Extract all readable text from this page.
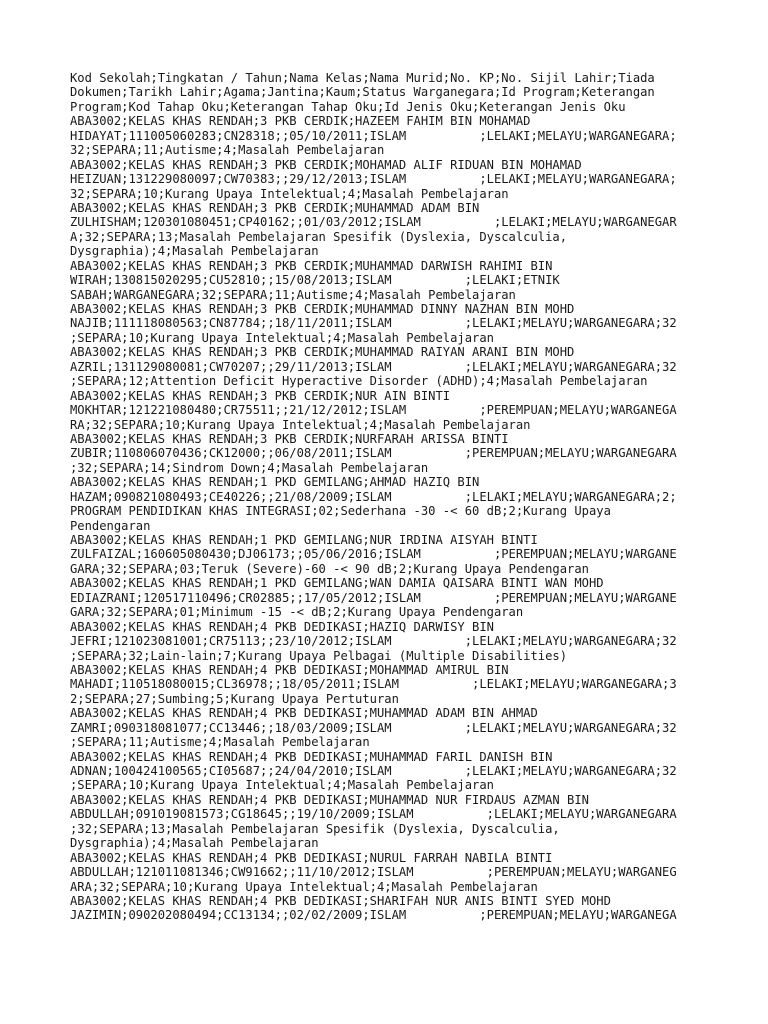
Kod Sekolah;Tingkatan / Tahun;Nama Kelas;Nama Murid;No. KP;No. Sijil Lahir;Tiada
Dokumen;Tarikh Lahir;Agama;Jantina;Kaum;Status Warganegara;Id Program;Keterangan
Program;Kod Tahap Oku;Keterangan Tahap Oku;Id Jenis Oku;Keterangan Jenis Oku
ABA3002;KELAS KHAS RENDAH;3 PKB CERDIK;HAZEEM FAHIM BIN MOHAMAD
HIDAYAT;111005060283;CN28318;;05/10/2011;ISLAM          ;LELAKI;MELAYU;WARGANEGARA;
32;SEPARA;11;Autisme;4;Masalah Pembelajaran
ABA3002;KELAS KHAS RENDAH;3 PKB CERDIK;MOHAMAD ALIF RIDUAN BIN MOHAMAD
HEIZUAN;131229080097;CW70383;;29/12/2013;ISLAM          ;LELAKI;MELAYU;WARGANEGARA;
32;SEPARA;10;Kurang Upaya Intelektual;4;Masalah Pembelajaran
ABA3002;KELAS KHAS RENDAH;3 PKB CERDIK;MUHAMMAD ADAM BIN
ZULHISHAM;120301080451;CP40162;;01/03/2012;ISLAM          ;LELAKI;MELAYU;WARGANEGAR
A;32;SEPARA;13;Masalah Pembelajaran Spesifik (Dyslexia, Dyscalculia,
Dysgraphia);4;Masalah Pembelajaran
ABA3002;KELAS KHAS RENDAH;3 PKB CERDIK;MUHAMMAD DARWISH RAHIMI BIN
WIRAH;130815020295;CU52810;;15/08/2013;ISLAM          ;LELAKI;ETNIK
SABAH;WARGANEGARA;32;SEPARA;11;Autisme;4;Masalah Pembelajaran
ABA3002;KELAS KHAS RENDAH;3 PKB CERDIK;MUHAMMAD DINNY NAZHAN BIN MOHD
NAJIB;111118080563;CN87784;;18/11/2011;ISLAM          ;LELAKI;MELAYU;WARGANEGARA;32
;SEPARA;10;Kurang Upaya Intelektual;4;Masalah Pembelajaran
ABA3002;KELAS KHAS RENDAH;3 PKB CERDIK;MUHAMMAD RAIYAN ARANI BIN MOHD
AZRIL;131129080081;CW70207;;29/11/2013;ISLAM          ;LELAKI;MELAYU;WARGANEGARA;32
;SEPARA;12;Attention Deficit Hyperactive Disorder (ADHD);4;Masalah Pembelajaran
ABA3002;KELAS KHAS RENDAH;3 PKB CERDIK;NUR AIN BINTI
MOKHTAR;121221080480;CR75511;;21/12/2012;ISLAM          ;PEREMPUAN;MELAYU;WARGANEGA
RA;32;SEPARA;10;Kurang Upaya Intelektual;4;Masalah Pembelajaran
ABA3002;KELAS KHAS RENDAH;3 PKB CERDIK;NURFARAH ARISSA BINTI
ZUBIR;110806070436;CK12000;;06/08/2011;ISLAM          ;PEREMPUAN;MELAYU;WARGANEGARA
;32;SEPARA;14;Sindrom Down;4;Masalah Pembelajaran
ABA3002;KELAS KHAS RENDAH;1 PKD GEMILANG;AHMAD HAZIQ BIN
HAZAM;090821080493;CE40226;;21/08/2009;ISLAM          ;LELAKI;MELAYU;WARGANEGARA;2;
PROGRAM PENDIDIKAN KHAS INTEGRASI;02;Sederhana -30 -< 60 dB;2;Kurang Upaya
Pendengaran
ABA3002;KELAS KHAS RENDAH;1 PKD GEMILANG;NUR IRDINA AISYAH BINTI
ZULFAIZAL;160605080430;DJ06173;;05/06/2016;ISLAM          ;PEREMPUAN;MELAYU;WARGANE
GARA;32;SEPARA;03;Teruk (Severe)-60 -< 90 dB;2;Kurang Upaya Pendengaran
ABA3002;KELAS KHAS RENDAH;1 PKD GEMILANG;WAN DAMIA QAISARA BINTI WAN MOHD
EDIAZRANI;120517110496;CR02885;;17/05/2012;ISLAM          ;PEREMPUAN;MELAYU;WARGANE
GARA;32;SEPARA;01;Minimum -15 -< dB;2;Kurang Upaya Pendengaran
ABA3002;KELAS KHAS RENDAH;4 PKB DEDIKASI;HAZIQ DARWISY BIN
JEFRI;121023081001;CR75113;;23/10/2012;ISLAM          ;LELAKI;MELAYU;WARGANEGARA;32
;SEPARA;32;Lain-lain;7;Kurang Upaya Pelbagai (Multiple Disabilities)
ABA3002;KELAS KHAS RENDAH;4 PKB DEDIKASI;MOHAMMAD AMIRUL BIN
MAHADI;110518080015;CL36978;;18/05/2011;ISLAM          ;LELAKI;MELAYU;WARGANEGARA;3
2;SEPARA;27;Sumbing;5;Kurang Upaya Pertuturan
ABA3002;KELAS KHAS RENDAH;4 PKB DEDIKASI;MUHAMMAD ADAM BIN AHMAD
ZAMRI;090318081077;CC13446;;18/03/2009;ISLAM          ;LELAKI;MELAYU;WARGANEGARA;32
;SEPARA;11;Autisme;4;Masalah Pembelajaran
ABA3002;KELAS KHAS RENDAH;4 PKB DEDIKASI;MUHAMMAD FARIL DANISH BIN
ADNAN;100424100565;CI05687;;24/04/2010;ISLAM          ;LELAKI;MELAYU;WARGANEGARA;32
;SEPARA;10;Kurang Upaya Intelektual;4;Masalah Pembelajaran
ABA3002;KELAS KHAS RENDAH;4 PKB DEDIKASI;MUHAMMAD NUR FIRDAUS AZMAN BIN
ABDULLAH;091019081573;CG18645;;19/10/2009;ISLAM          ;LELAKI;MELAYU;WARGANEGARA
;32;SEPARA;13;Masalah Pembelajaran Spesifik (Dyslexia, Dyscalculia,
Dysgraphia);4;Masalah Pembelajaran
ABA3002;KELAS KHAS RENDAH;4 PKB DEDIKASI;NURUL FARRAH NABILA BINTI
ABDULLAH;121011081346;CW91662;;11/10/2012;ISLAM          ;PEREMPUAN;MELAYU;WARGANEG
ARA;32;SEPARA;10;Kurang Upaya Intelektual;4;Masalah Pembelajaran
ABA3002;KELAS KHAS RENDAH;4 PKB DEDIKASI;SHARIFAH NUR ANIS BINTI SYED MOHD
JAZIMIN;090202080494;CC13134;;02/02/2009;ISLAM          ;PEREMPUAN;MELAYU;WARGANEGA
